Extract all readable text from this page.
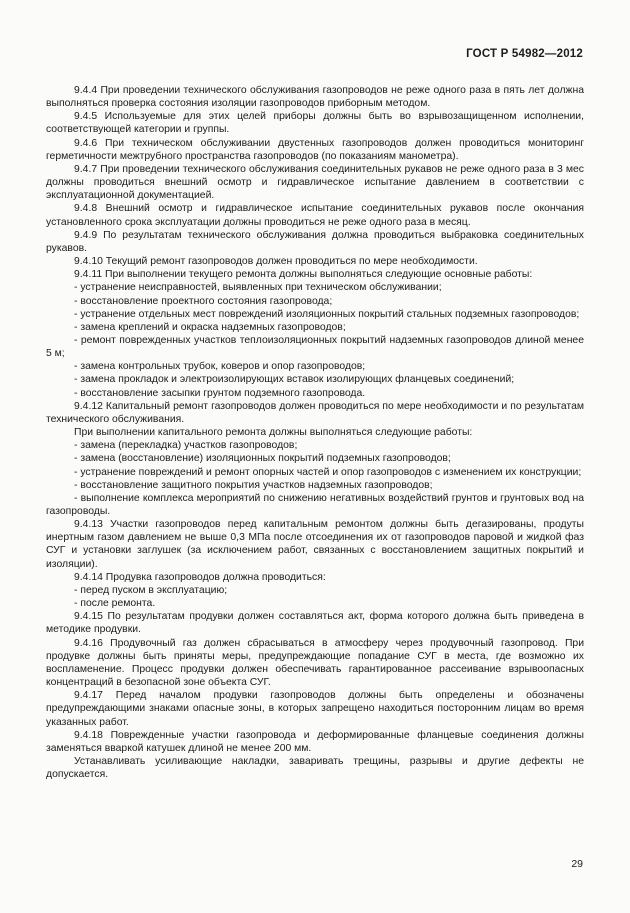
ГОСТ Р 54982—2012

9.4.4 При проведении технического обслуживания газопроводов не реже одного раза в пять лет должна выполняться проверка состояния изоляции газопроводов приборным методом.

9.4.5 Используемые для этих целей приборы должны быть во взрывозащищенном исполнении, соответствующей категории и группы.

9.4.6 При техническом обслуживании двустенных газопроводов должен проводиться мониторинг герметичности межтрубного пространства газопроводов (по показаниям манометра).

9.4.7 При проведении технического обслуживания соединительных рукавов не реже одного раза в 3 мес должны проводиться внешний осмотр и гидравлическое испытание давлением в соответствии с эксплуатационной документацией.

9.4.8 Внешний осмотр и гидравлическое испытание соединительных рукавов после окончания установленного срока эксплуатации должны проводиться не реже одного раза в месяц.

9.4.9 По результатам технического обслуживания должна проводиться выбраковка соединительных рукавов.

9.4.10 Текущий ремонт газопроводов должен проводиться по мере необходимости.

9.4.11 При выполнении текущего ремонта должны выполняться следующие основные работы:

- устранение неисправностей, выявленных при техническом обслуживании;

- восстановление проектного состояния газопровода;

- устранение отдельных мест повреждений изоляционных покрытий стальных подземных газопроводов;

- замена креплений и окраска надземных газопроводов;

- ремонт поврежденных участков теплоизоляционных покрытий надземных газопроводов длиной менее 5 м;

- замена контрольных трубок, коверов и опор газопроводов;

- замена прокладок и электроизолирующих вставок изолирующих фланцевых соединений;

- восстановление засыпки грунтом подземного газопровода.

9.4.12 Капитальный ремонт газопроводов должен проводиться по мере необходимости и по результатам технического обслуживания.

При выполнении капитального ремонта должны выполняться следующие работы:

- замена (перекладка) участков газопроводов;

- замена (восстановление) изоляционных покрытий подземных газопроводов;

- устранение повреждений и ремонт опорных частей и опор газопроводов с изменением их конструкции;

- восстановление защитного покрытия участков надземных газопроводов;

- выполнение комплекса мероприятий по снижению негативных воздействий грунтов и грунтовых вод на газопроводы.

9.4.13 Участки газопроводов перед капитальным ремонтом должны быть дегазированы, продуты инертным газом давлением не выше 0,3 МПа после отсоединения их от газопроводов паровой и жидкой фаз СУГ и установки заглушек (за исключением работ, связанных с восстановлением защитных покрытий и изоляции).

9.4.14 Продувка газопроводов должна проводиться:

- перед пуском в эксплуатацию;

- после ремонта.

9.4.15 По результатам продувки должен составляться акт, форма которого должна быть приведена в методике продувки.

9.4.16 Продувочный газ должен сбрасываться в атмосферу через продувочный газопровод. При продувке должны быть приняты меры, предупреждающие попадание СУГ в места, где возможно их воспламенение. Процесс продувки должен обеспечивать гарантированное рассеивание взрывоопасных концентраций в безопасной зоне объекта СУГ.

9.4.17 Перед началом продувки газопроводов должны быть определены и обозначены предупреждающими знаками опасные зоны, в которых запрещено находиться посторонним лицам во время указанных работ.

9.4.18 Поврежденные участки газопровода и деформированные фланцевые соединения должны заменяться вваркой катушек длиной не менее 200 мм.

Устанавливать усиливающие накладки, заваривать трещины, разрывы и другие дефекты не допускается.

29
